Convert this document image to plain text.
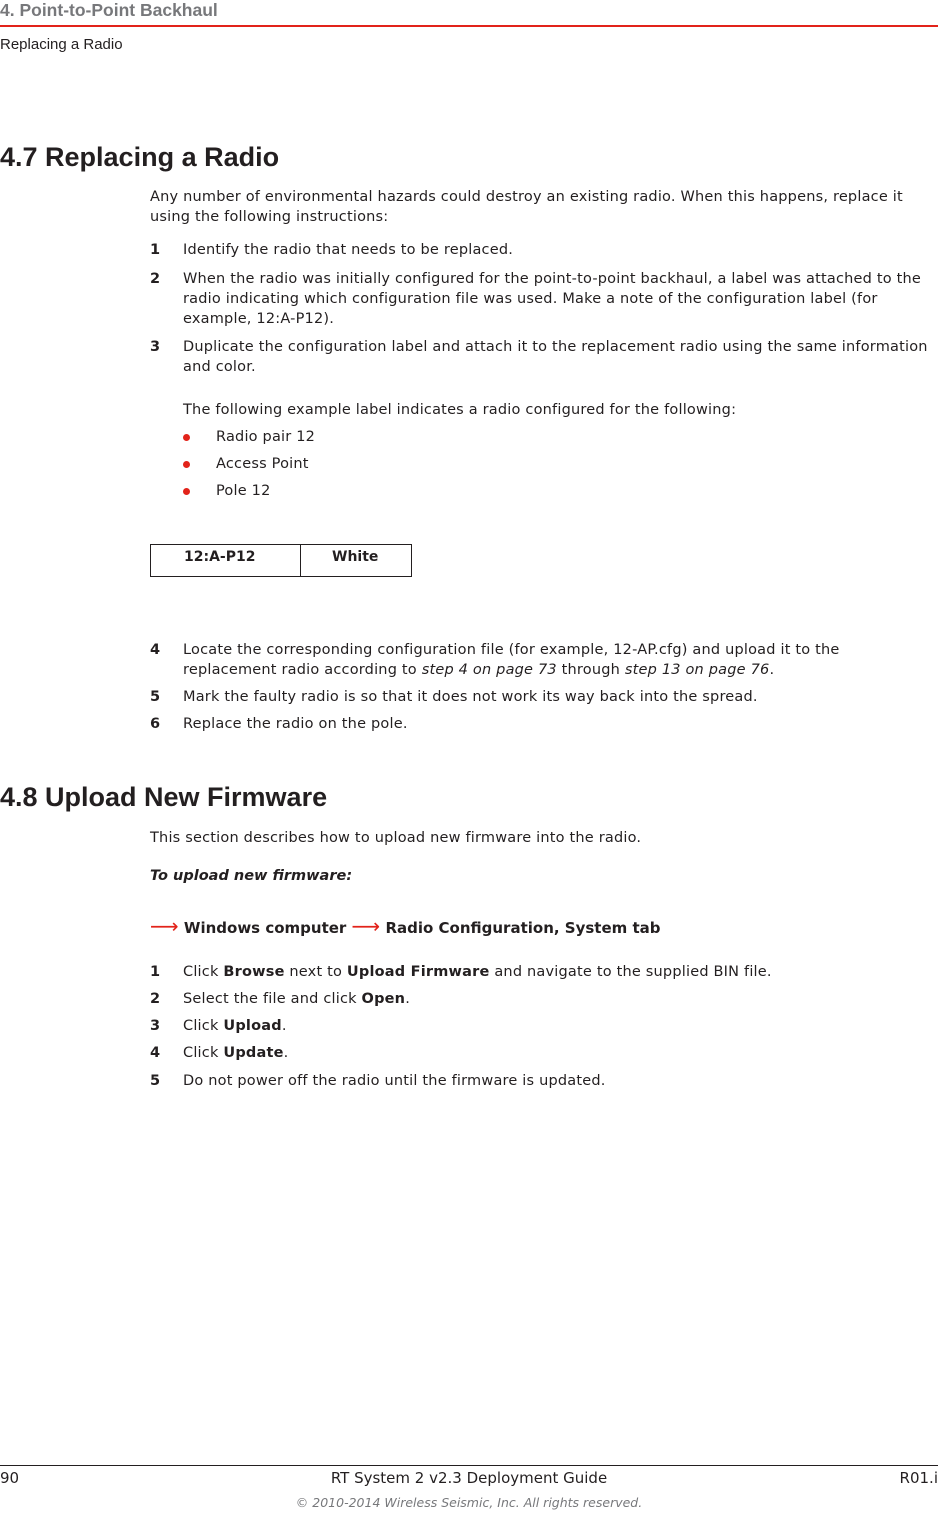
4. Point-to-Point Backhaul
Replacing a Radio
4.7 Replacing a Radio
Any number of environmental hazards could destroy an existing radio. When this happens, replace it using the following instructions:
1 Identify the radio that needs to be replaced.
2 When the radio was initially configured for the point-to-point backhaul, a label was attached to the radio indicating which configuration file was used. Make a note of the configuration label (for example, 12:A-P12).
3 Duplicate the configuration label and attach it to the replacement radio using the same information and color.
The following example label indicates a radio configured for the following:
Radio pair 12
Access Point
Pole 12
12:A-P12	White
4 Locate the corresponding configuration file (for example, 12-AP.cfg) and upload it to the replacement radio according to step 4 on page 73 through step 13 on page 76.
5 Mark the faulty radio is so that it does not work its way back into the spread.
6 Replace the radio on the pole.
4.8 Upload New Firmware
This section describes how to upload new firmware into the radio.
To upload new firmware:
⟶ Windows computer ⟶ Radio Configuration, System tab
1 Click Browse next to Upload Firmware and navigate to the supplied BIN file.
2 Select the file and click Open.
3 Click Upload.
4 Click Update.
5 Do not power off the radio until the firmware is updated.
90	RT System 2 v2.3 Deployment Guide	R01.i
© 2010-2014 Wireless Seismic, Inc. All rights reserved.
